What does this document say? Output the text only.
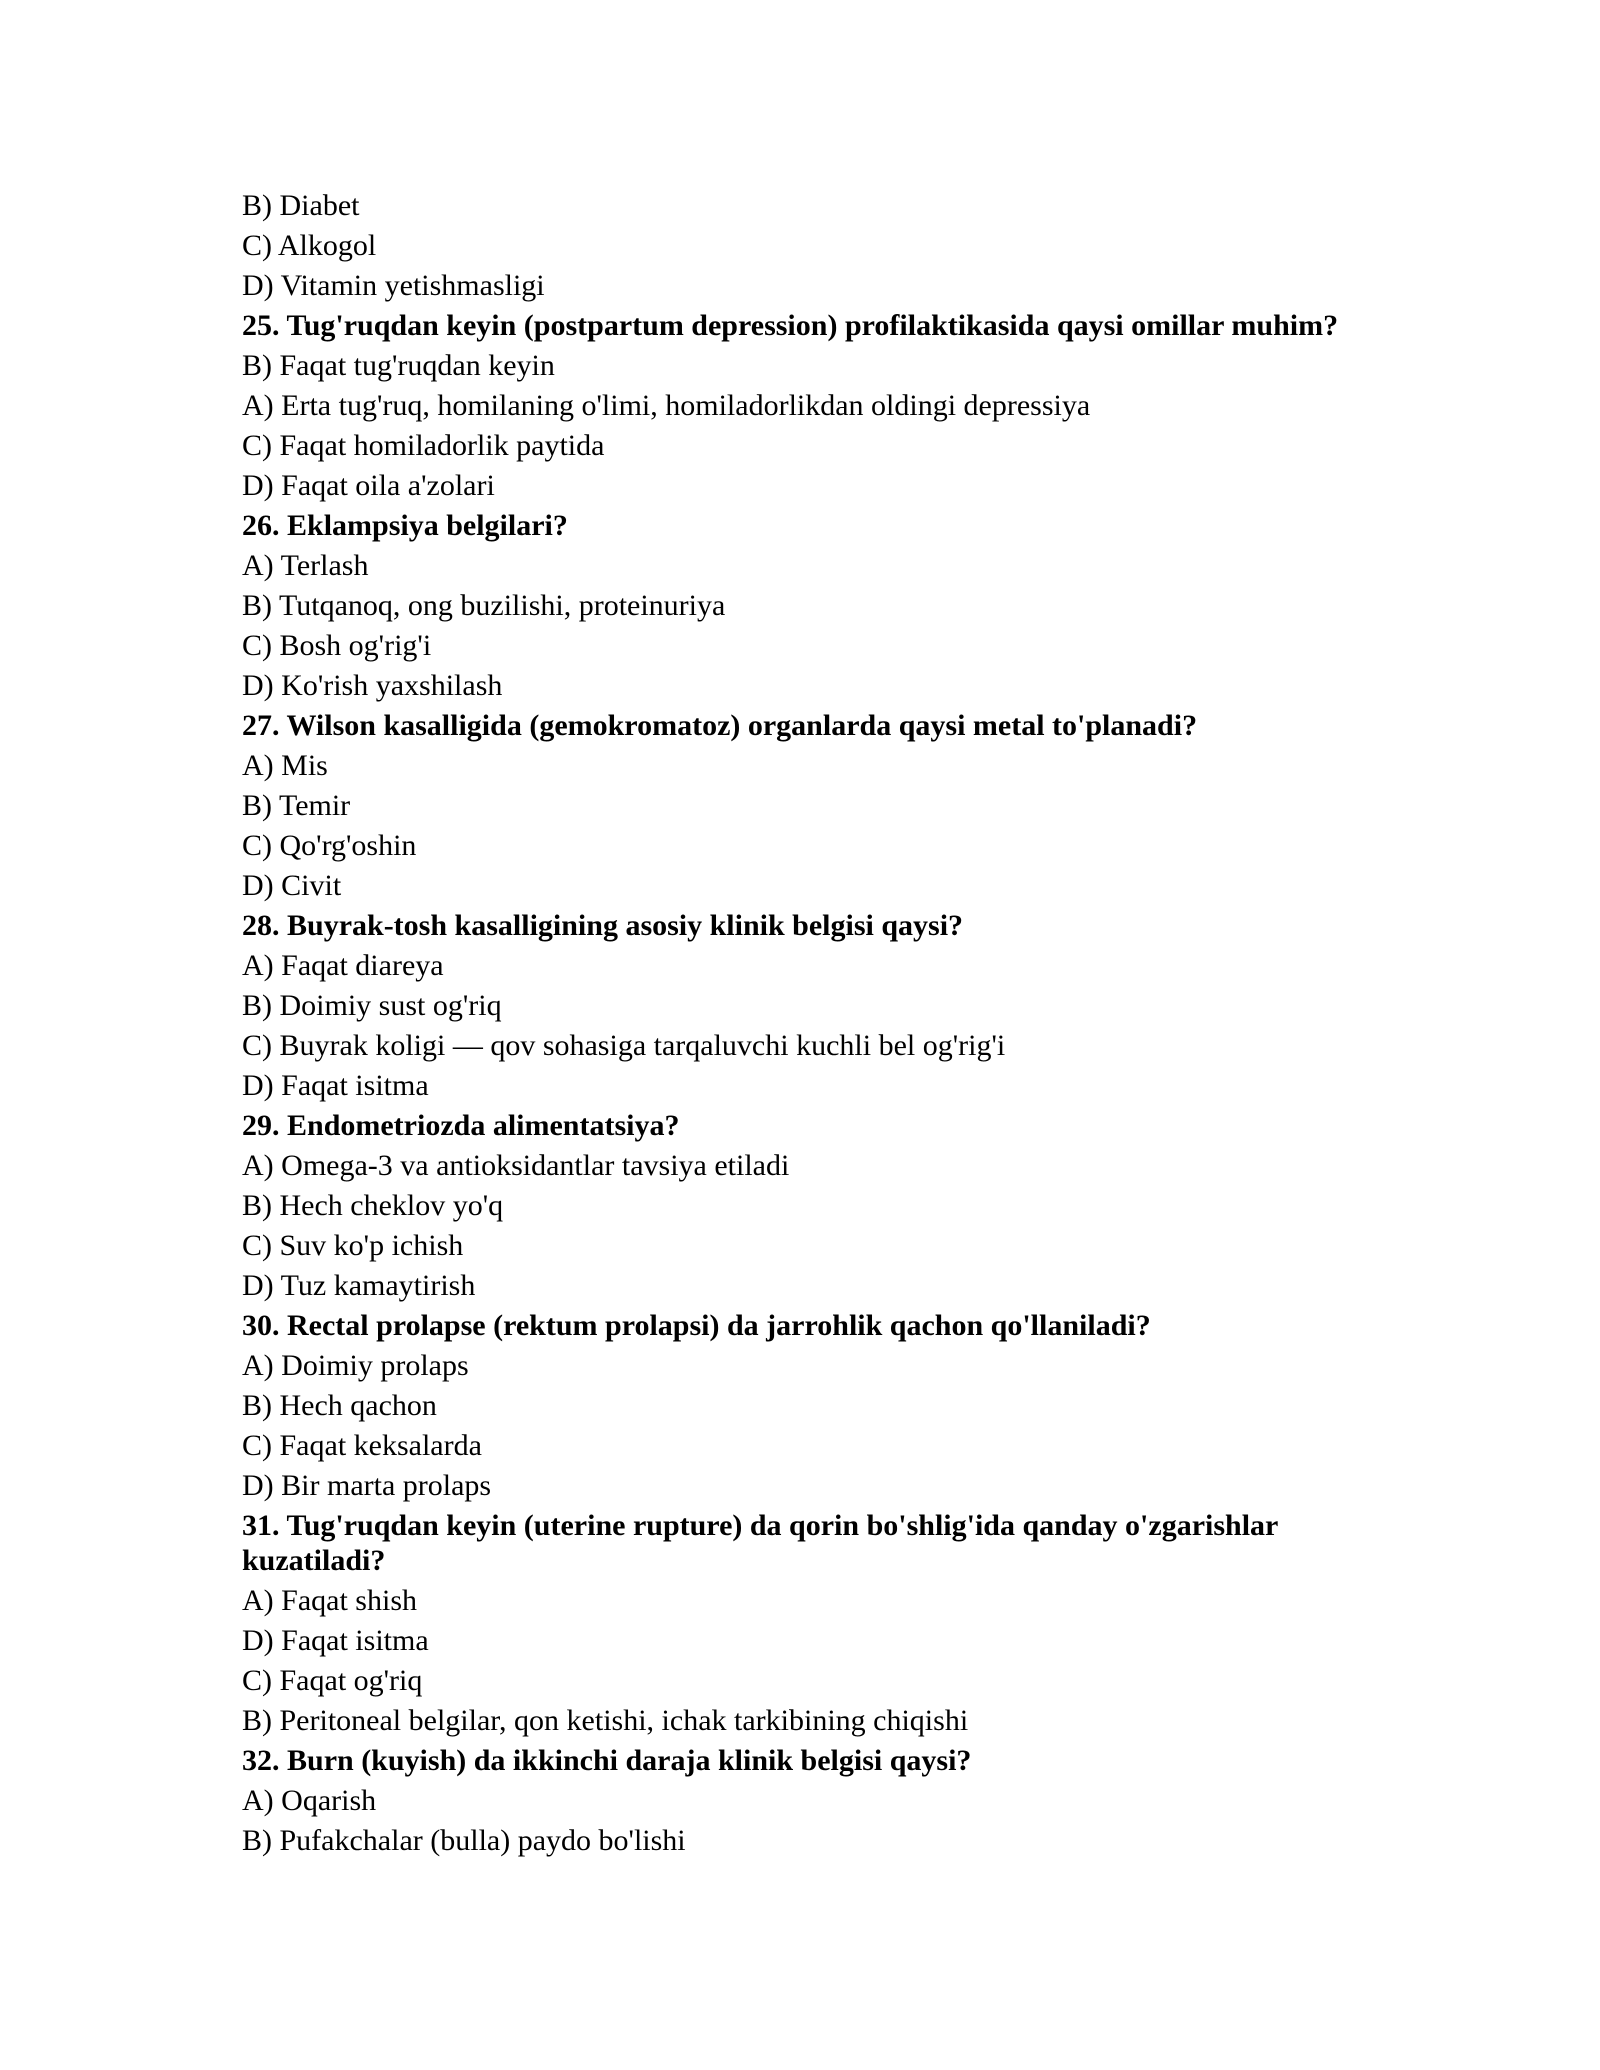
B) Diabet
C) Alkogol
D) Vitamin yetishmasligi
25. Tug'ruqdan keyin (postpartum depression) profilaktikasida qaysi omillar muhim?
B) Faqat tug'ruqdan keyin
A) Erta tug'ruq, homilaning o'limi, homiladorlikdan oldingi depressiya
C) Faqat homiladorlik paytida
D) Faqat oila a'zolari
26. Eklampsiya belgilari?
A) Terlash
B) Tutqanoq, ong buzilishi, proteinuriya
C) Bosh og'rig'i
D) Ko'rish yaxshilash
27. Wilson kasalligida (gemokromatoz) organlarda qaysi metal to'planadi?
A) Mis
B) Temir
C) Qo'rg'oshin
D) Civit
28. Buyrak-tosh kasalligining asosiy klinik belgisi qaysi?
A) Faqat diareya
B) Doimiy sust og'riq
C) Buyrak koligi — qov sohasiga tarqaluvchi kuchli bel og'rig'i
D) Faqat isitma
29. Endometriozda alimentatsiya?
A) Omega-3 va antioksidantlar tavsiya etiladi
B) Hech cheklov yo'q
C) Suv ko'p ichish
D) Tuz kamaytirish
30. Rectal prolapse (rektum prolapsi) da jarrohlik qachon qo'llaniladi?
A) Doimiy prolaps
B) Hech qachon
C) Faqat keksalarda
D) Bir marta prolaps
31. Tug'ruqdan keyin (uterine rupture) da qorin bo'shlig'ida qanday o'zgarishlar kuzatiladi?
A) Faqat shish
D) Faqat isitma
C) Faqat og'riq
B) Peritoneal belgilar, qon ketishi, ichak tarkibining chiqishi
32. Burn (kuyish) da ikkinchi daraja klinik belgisi qaysi?
A) Oqarish
B) Pufakchalar (bulla) paydo bo'lishi
